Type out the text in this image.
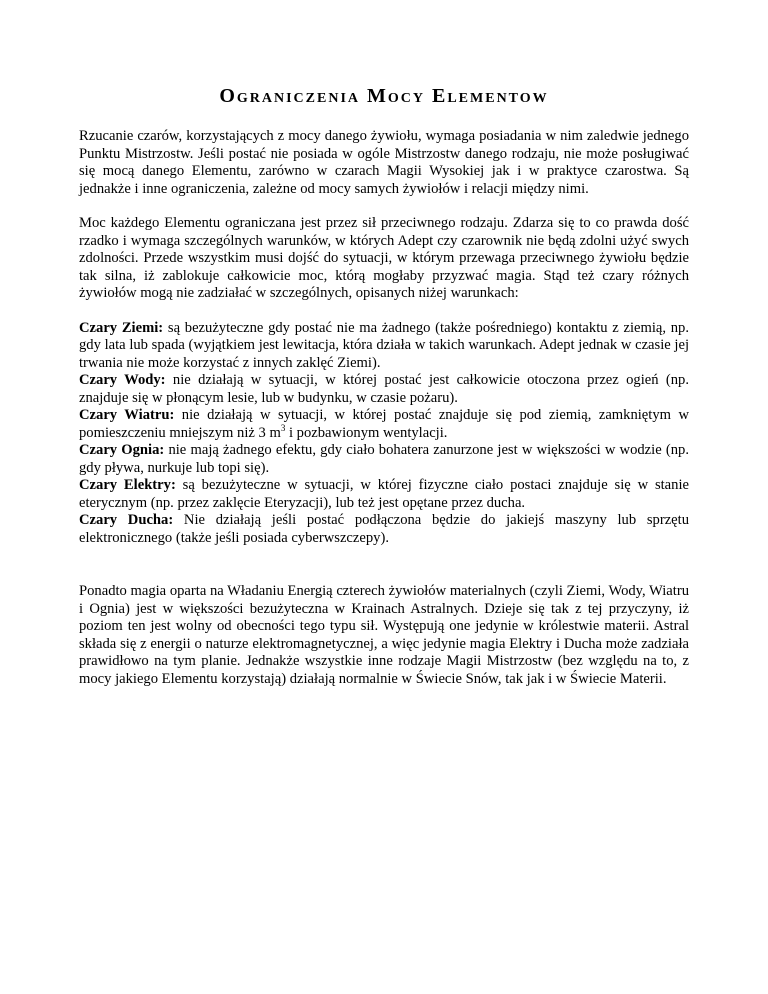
Ograniczenia Mocy Elementow

Rzucanie czarów, korzystających z mocy danego żywiołu, wymaga posiadania w nim zaledwie jednego Punktu Mistrzostw. Jeśli postać nie posiada w ogóle Mistrzostw danego rodzaju, nie może posługiwać się mocą danego Elementu, zarówno w czarach Magii Wysokiej jak i w praktyce czarostwa. Są jednakże i inne ograniczenia, zależne od mocy samych żywiołów i relacji między nimi.

Moc każdego Elementu ograniczana jest przez sił przeciwnego rodzaju. Zdarza się to co prawda dość rzadko i wymaga szczególnych warunków, w których Adept czy czarownik nie będą zdolni użyć swych zdolności. Przede wszystkim musi dojść do sytuacji, w którym przewaga przeciwnego żywiołu będzie tak silna, iż zablokuje całkowicie moc, którą mogłaby przyzwać magia. Stąd też czary różnych żywiołów mogą nie zadziałać w szczególnych, opisanych niżej warunkach:

Czary Ziemi: są bezużyteczne gdy postać nie ma żadnego (także pośredniego) kontaktu z ziemią, np. gdy lata lub spada (wyjątkiem jest lewitacja, która działa w takich warunkach. Adept jednak w czasie jej trwania nie może korzystać z innych zaklęć Ziemi).

Czary Wody: nie działają w sytuacji, w której postać jest całkowicie otoczona przez ogień (np. znajduje się w płonącym lesie, lub w budynku, w czasie pożaru).

Czary Wiatru: nie działają w sytuacji, w której postać znajduje się pod ziemią, zamkniętym w pomieszczeniu mniejszym niż 3 $m^3$ i pozbawionym wentylacji.

Czary Ognia: nie mają żadnego efektu, gdy ciało bohatera zanurzone jest w większości w wodzie (np. gdy pływa, nurkuje lub topi się).

Czary Elektry: są bezużyteczne w sytuacji, w której fizyczne ciało postaci znajduje się w stanie eterycznym (np. przez zaklęcie Eteryzacji), lub też jest opętane przez ducha.

Czary Ducha: Nie działają jeśli postać podłączona będzie do jakiejś maszyny lub sprzętu elektronicznego (także jeśli posiada cyberwszczepy).

Ponadto magia oparta na Władaniu Energią czterech żywiołów materialnych (czyli Ziemi, Wody, Wiatru i Ognia) jest w większości bezużyteczna w Krainach Astralnych. Dzieje się tak z tej przyczyny, iż poziom ten jest wolny od obecności tego typu sił. Występują one jedynie w królestwie materii. Astral składa się z energii o naturze elektromagnetycznej, a więc jedynie magia Elektry i Ducha może zadziała prawidłowo na tym planie. Jednakże wszystkie inne rodzaje Magii Mistrzostw (bez względu na to, z mocy jakiego Elementu korzystają) działają normalnie w Świecie Snów, tak jak i w Świecie Materii.
